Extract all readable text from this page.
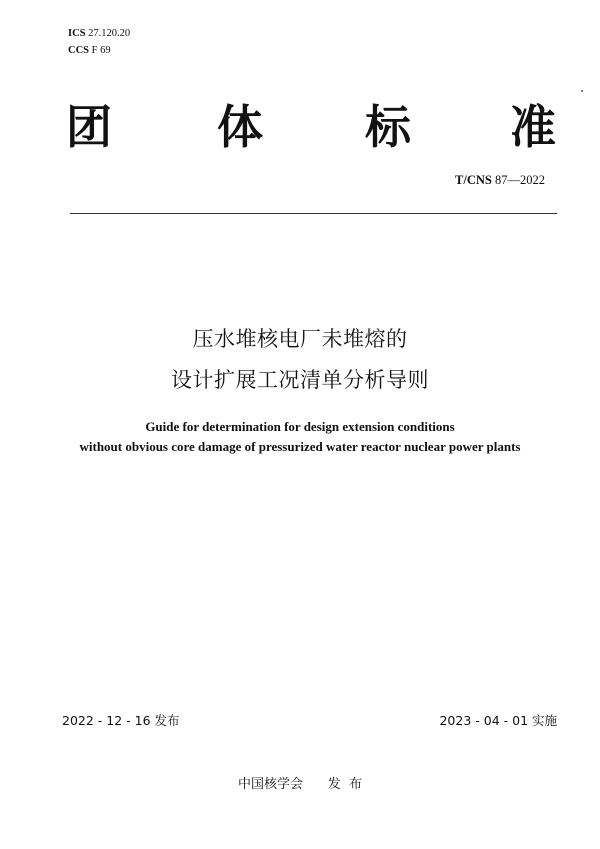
ICS 27.120.20
CCS F 69
团 体 标 准
T/CNS 87—2022
压水堆核电厂未堆熔的
设计扩展工况清单分析导则
Guide for determination for design extension conditions
without obvious core damage of pressurized water reactor nuclear power plants
2022 - 12 - 16 发布	2023 - 04 - 01 实施
中国核学会      发  布
